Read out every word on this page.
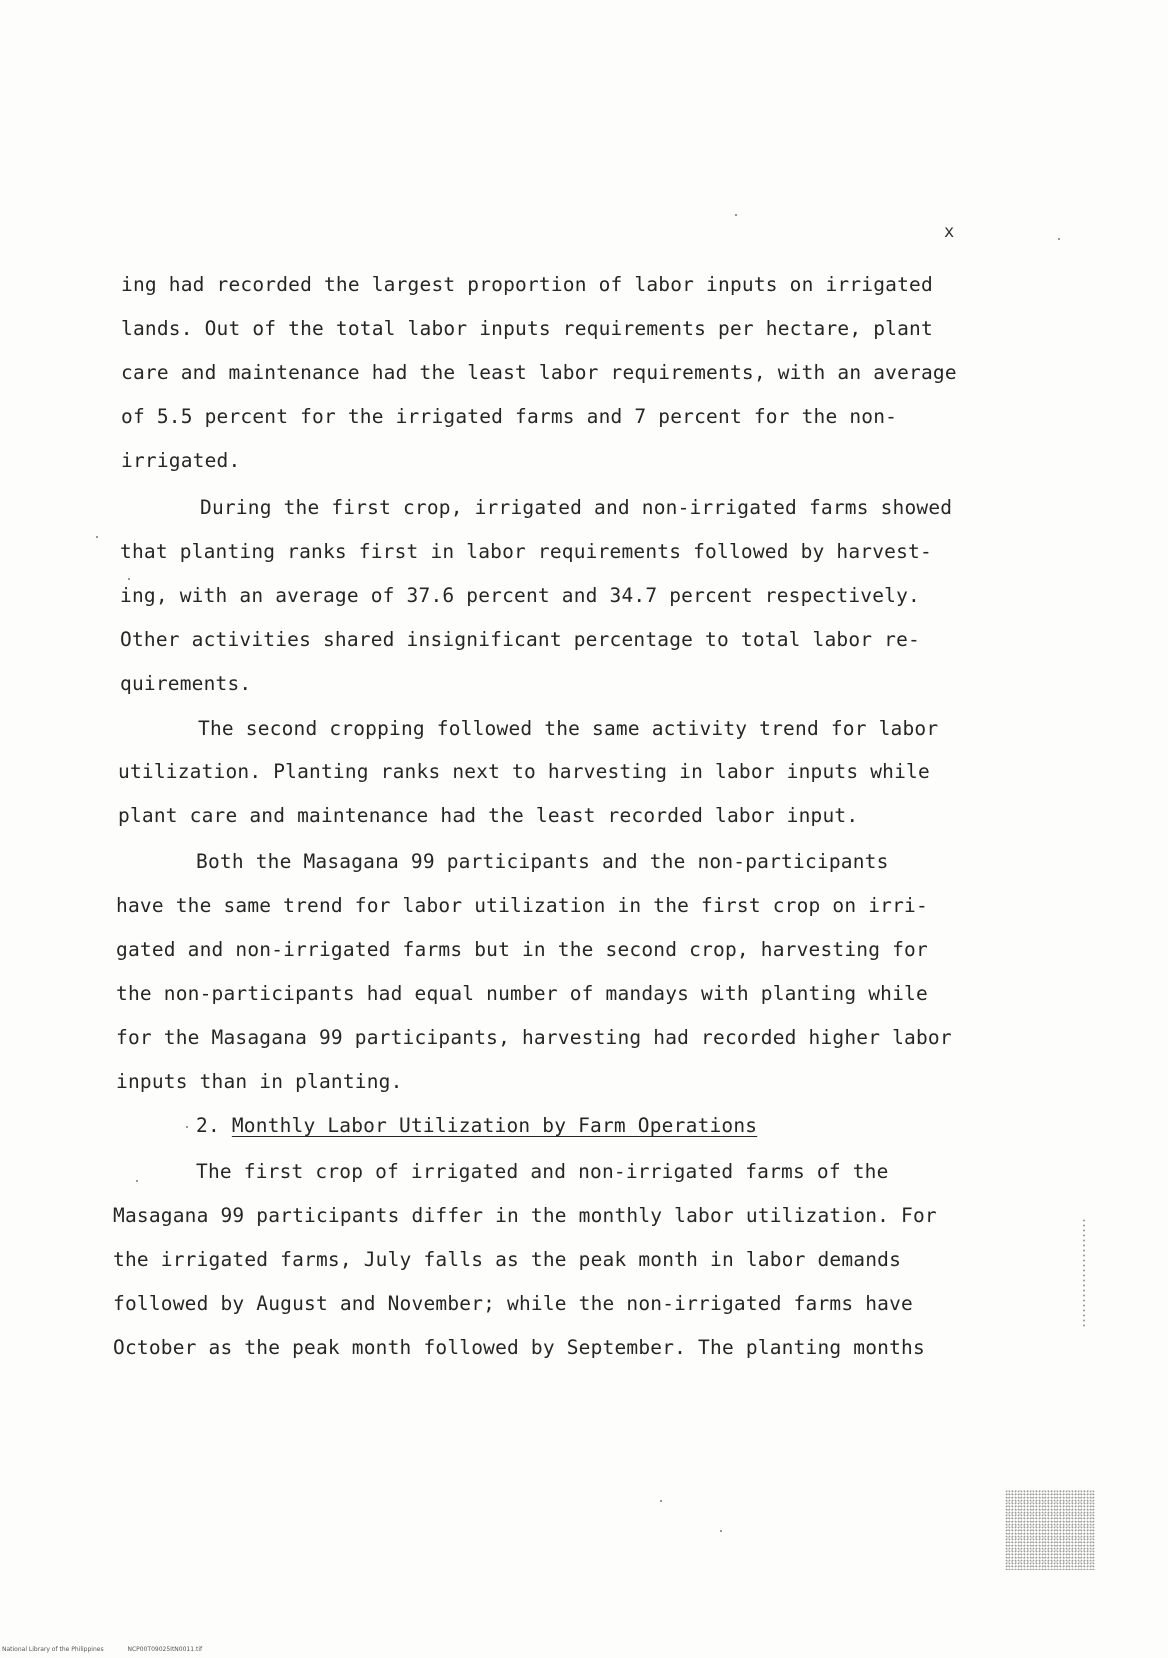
x
ing had recorded the largest proportion of labor inputs on irrigated
lands. Out of the total labor inputs requirements per hectare, plant
care and maintenance had the least labor requirements, with an average
of 5.5 percent for the irrigated farms and 7 percent for the non-
irrigated.
During the first crop, irrigated and non-irrigated farms showed
that planting ranks first in labor requirements followed by harvest-
ing, with an average of 37.6 percent and 34.7 percent respectively.
Other activities shared insignificant percentage to total labor re-
quirements.
The second cropping followed the same activity trend for labor
utilization. Planting ranks next to harvesting in labor inputs while
plant care and maintenance had the least recorded labor input.
Both the Masagana 99 participants and the non-participants
have the same trend for labor utilization in the first crop on irri-
gated and non-irrigated farms but in the second crop, harvesting for
the non-participants had equal number of mandays with planting while
for the Masagana 99 participants, harvesting had recorded higher labor
inputs than in planting.
2. Monthly Labor Utilization by Farm Operations
The first crop of irrigated and non-irrigated farms of the
Masagana 99 participants differ in the monthly labor utilization. For
the irrigated farms, July falls as the peak month in labor demands
followed by August and November; while the non-irrigated farms have
October as the peak month followed by September. The planting months
National Library of the Philippines	NCP00T09025ItN0011.tif
